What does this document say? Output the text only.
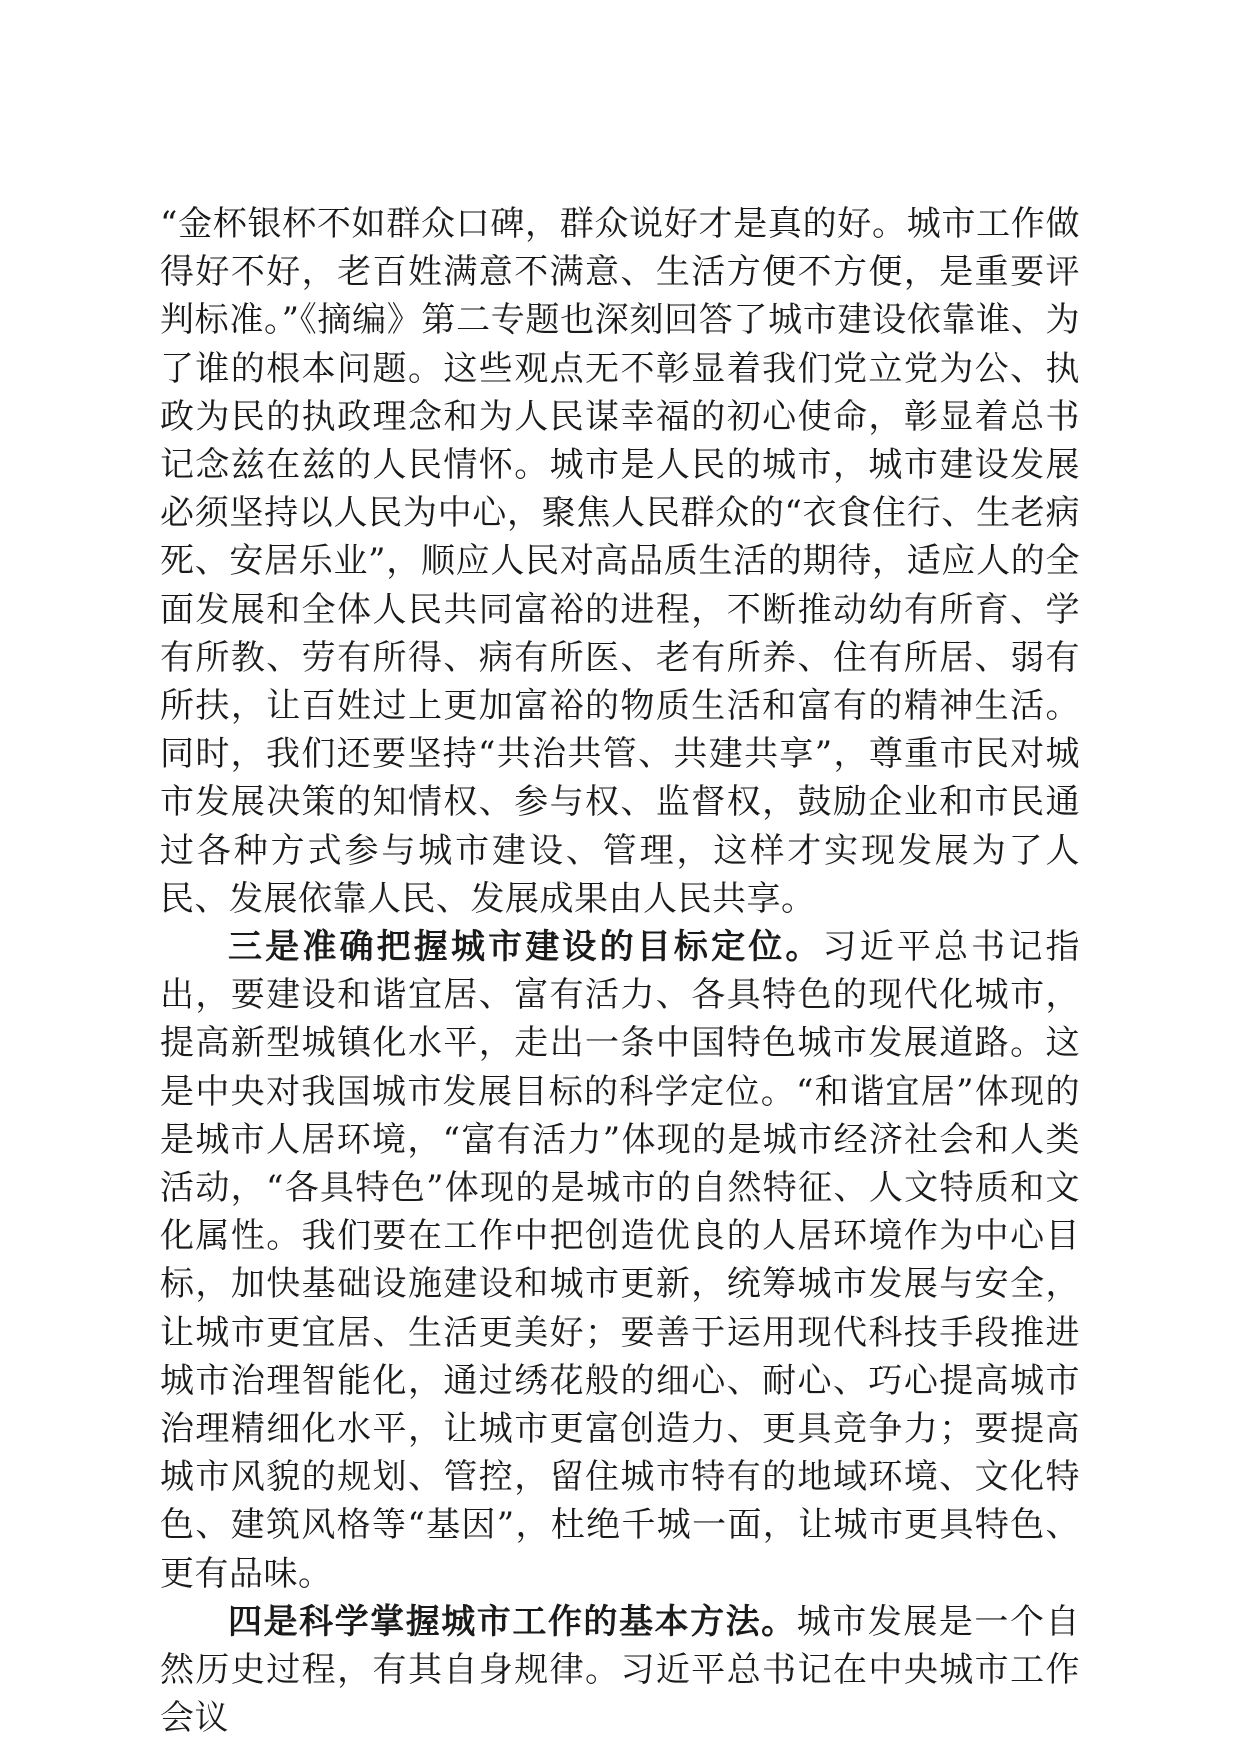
“金杯银杯不如群众口碑，群众说好才是真的好。城市工作做得好不好，老百姓满意不满意、生活方便不方便，是重要评判标准。”《摘编》第二专题也深刻回答了城市建设依靠谁、为了谁的根本问题。这些观点无不彰显着我们党立党为公、执政为民的执政理念和为人民谋幸福的初心使命，彰显着总书记念兹在兹的人民情怀。城市是人民的城市，城市建设发展必须坚持以人民为中心，聚焦人民群众的“衣食住行、生老病死、安居乐业”，顺应人民对高品质生活的期待，适应人的全面发展和全体人民共同富裕的进程，不断推动幼有所育、学有所教、劳有所得、病有所医、老有所养、住有所居、弱有所扶，让百姓过上更加富裕的物质生活和富有的精神生活。同时，我们还要坚持“共治共管、共建共享”，尊重市民对城市发展决策的知情权、参与权、监督权，鼓励企业和市民通过各种方式参与城市建设、管理，这样才实现发展为了人民、发展依靠人民、发展成果由人民共享。

三是准确把握城市建设的目标定位。习近平总书记指出，要建设和谐宜居、富有活力、各具特色的现代化城市，提高新型城镇化水平，走出一条中国特色城市发展道路。这是中央对我国城市发展目标的科学定位。“和谐宜居”体现的是城市人居环境，“富有活力”体现的是城市经济社会和人类活动，“各具特色”体现的是城市的自然特征、人文特质和文化属性。我们要在工作中把创造优良的人居环境作为中心目标，加快基础设施建设和城市更新，统筹城市发展与安全，让城市更宜居、生活更美好；要善于运用现代科技手段推进城市治理智能化，通过绣花般的细心、耐心、巧心提高城市治理精细化水平，让城市更富创造力、更具竞争力；要提高城市风貌的规划、管控，留住城市特有的地域环境、文化特色、建筑风格等“基因”，杜绝千城一面，让城市更具特色、更有品味。

四是科学掌握城市工作的基本方法。城市发展是一个自然历史过程，有其自身规律。习近平总书记在中央城市工作会议
